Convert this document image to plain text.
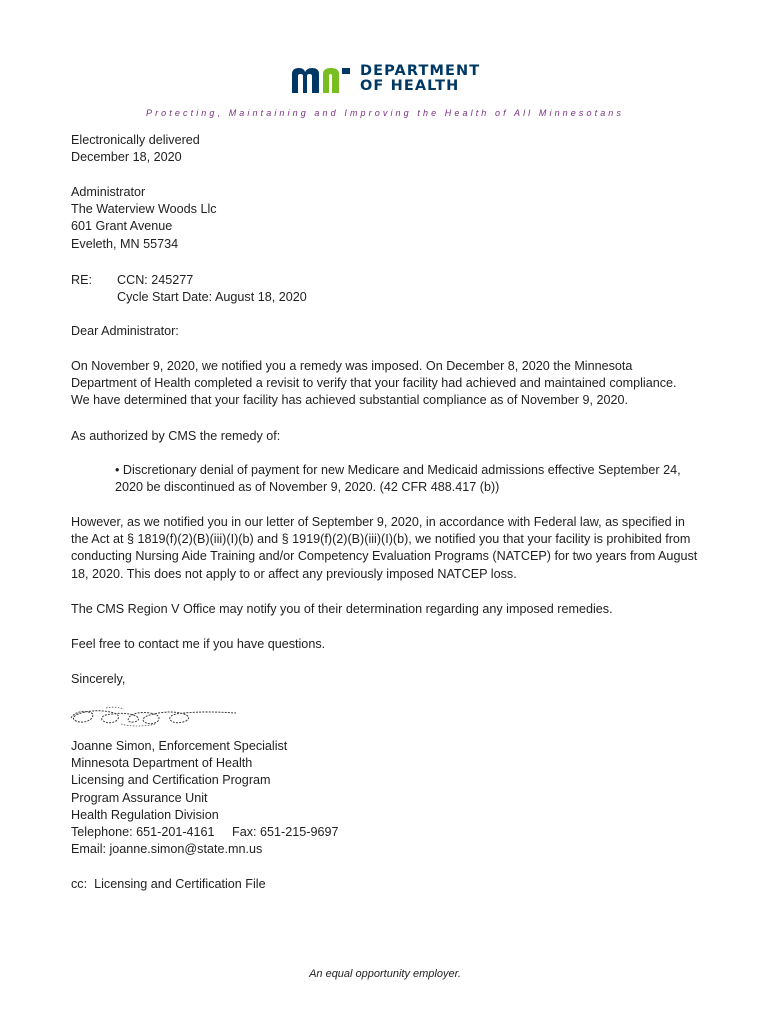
DEPARTMENT
OF HEALTH
Protecting, Maintaining and Improving the Health of All Minnesotans
Electronically delivered
December 18, 2020
Administrator
The Waterview Woods Llc
601 Grant Avenue
Eveleth, MN 55734
RE: CCN: 245277
Cycle Start Date: August 18, 2020
Dear Administrator:
On November 9, 2020, we notified you a remedy was imposed. On December 8, 2020 the Minnesota
Department of Health completed a revisit to verify that your facility had achieved and maintained compliance.
We have determined that your facility has achieved substantial compliance as of November 9, 2020.
As authorized by CMS the remedy of:
• Discretionary denial of payment for new Medicare and Medicaid admissions effective September 24,
2020 be discontinued as of November 9, 2020. (42 CFR 488.417 (b))
However, as we notified you in our letter of September 9, 2020, in accordance with Federal law, as specified in
the Act at § 1819(f)(2)(B)(iii)(I)(b) and § 1919(f)(2)(B)(iii)(I)(b), we notified you that your facility is prohibited from
conducting Nursing Aide Training and/or Competency Evaluation Programs (NATCEP) for two years from August
18, 2020. This does not apply to or affect any previously imposed NATCEP loss.
The CMS Region V Office may notify you of their determination regarding any imposed remedies.
Feel free to contact me if you have questions.
Sincerely,
Joanne Simon, Enforcement Specialist
Minnesota Department of Health
Licensing and Certification Program
Program Assurance Unit
Health Regulation Division
Telephone: 651-201-4161     Fax: 651-215-9697
Email: joanne.simon@state.mn.us
cc:  Licensing and Certification File
An equal opportunity employer.
